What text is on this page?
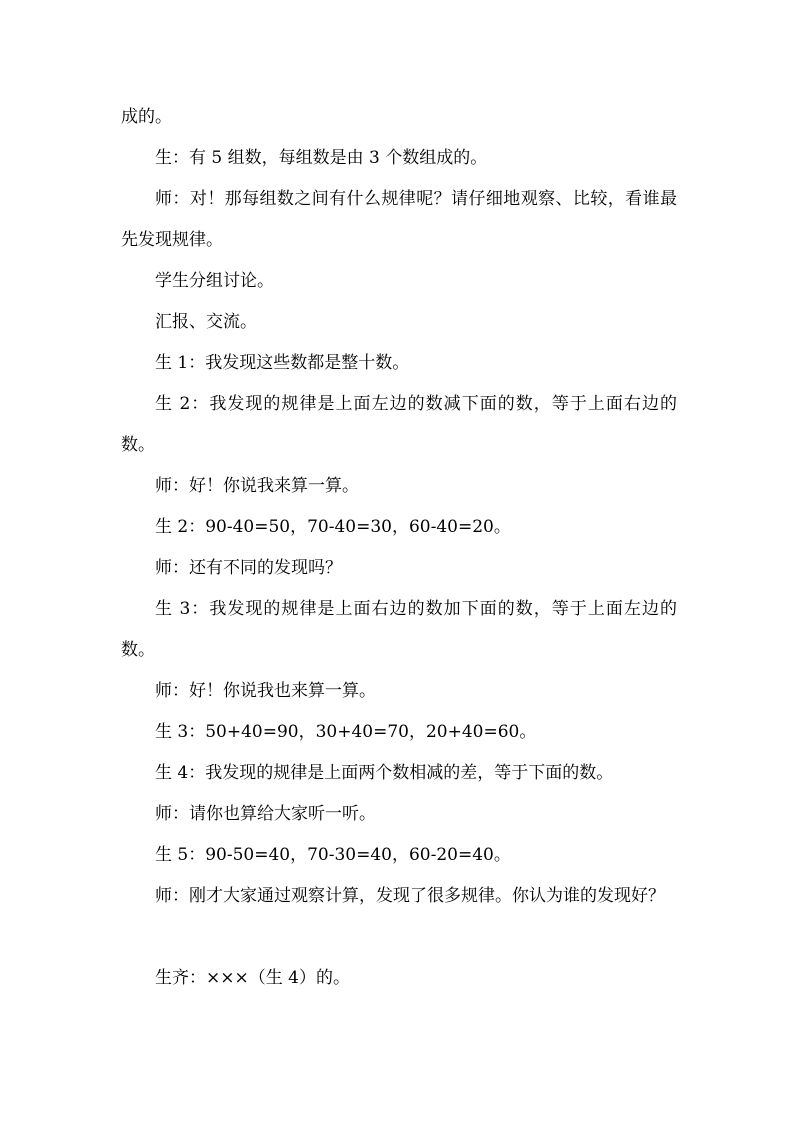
成的。

生：有 5 组数，每组数是由 3 个数组成的。

师：对！那每组数之间有什么规律呢？请仔细地观察、比较，看谁最先发现规律。

学生分组讨论。

汇报、交流。

生 1：我发现这些数都是整十数。

生 2：我发现的规律是上面左边的数减下面的数，等于上面右边的数。

师：好！你说我来算一算。

生 2：90-40=50，70-40=30，60-40=20。

师：还有不同的发现吗？

生 3：我发现的规律是上面右边的数加下面的数，等于上面左边的数。

师：好！你说我也来算一算。

生 3：50+40=90，30+40=70，20+40=60。

生 4：我发现的规律是上面两个数相减的差，等于下面的数。

师：请你也算给大家听一听。

生 5：90-50=40，70-30=40，60-20=40。

师：刚才大家通过观察计算，发现了很多规律。你认为谁的发现好？

生齐：×××（生 4）的。
